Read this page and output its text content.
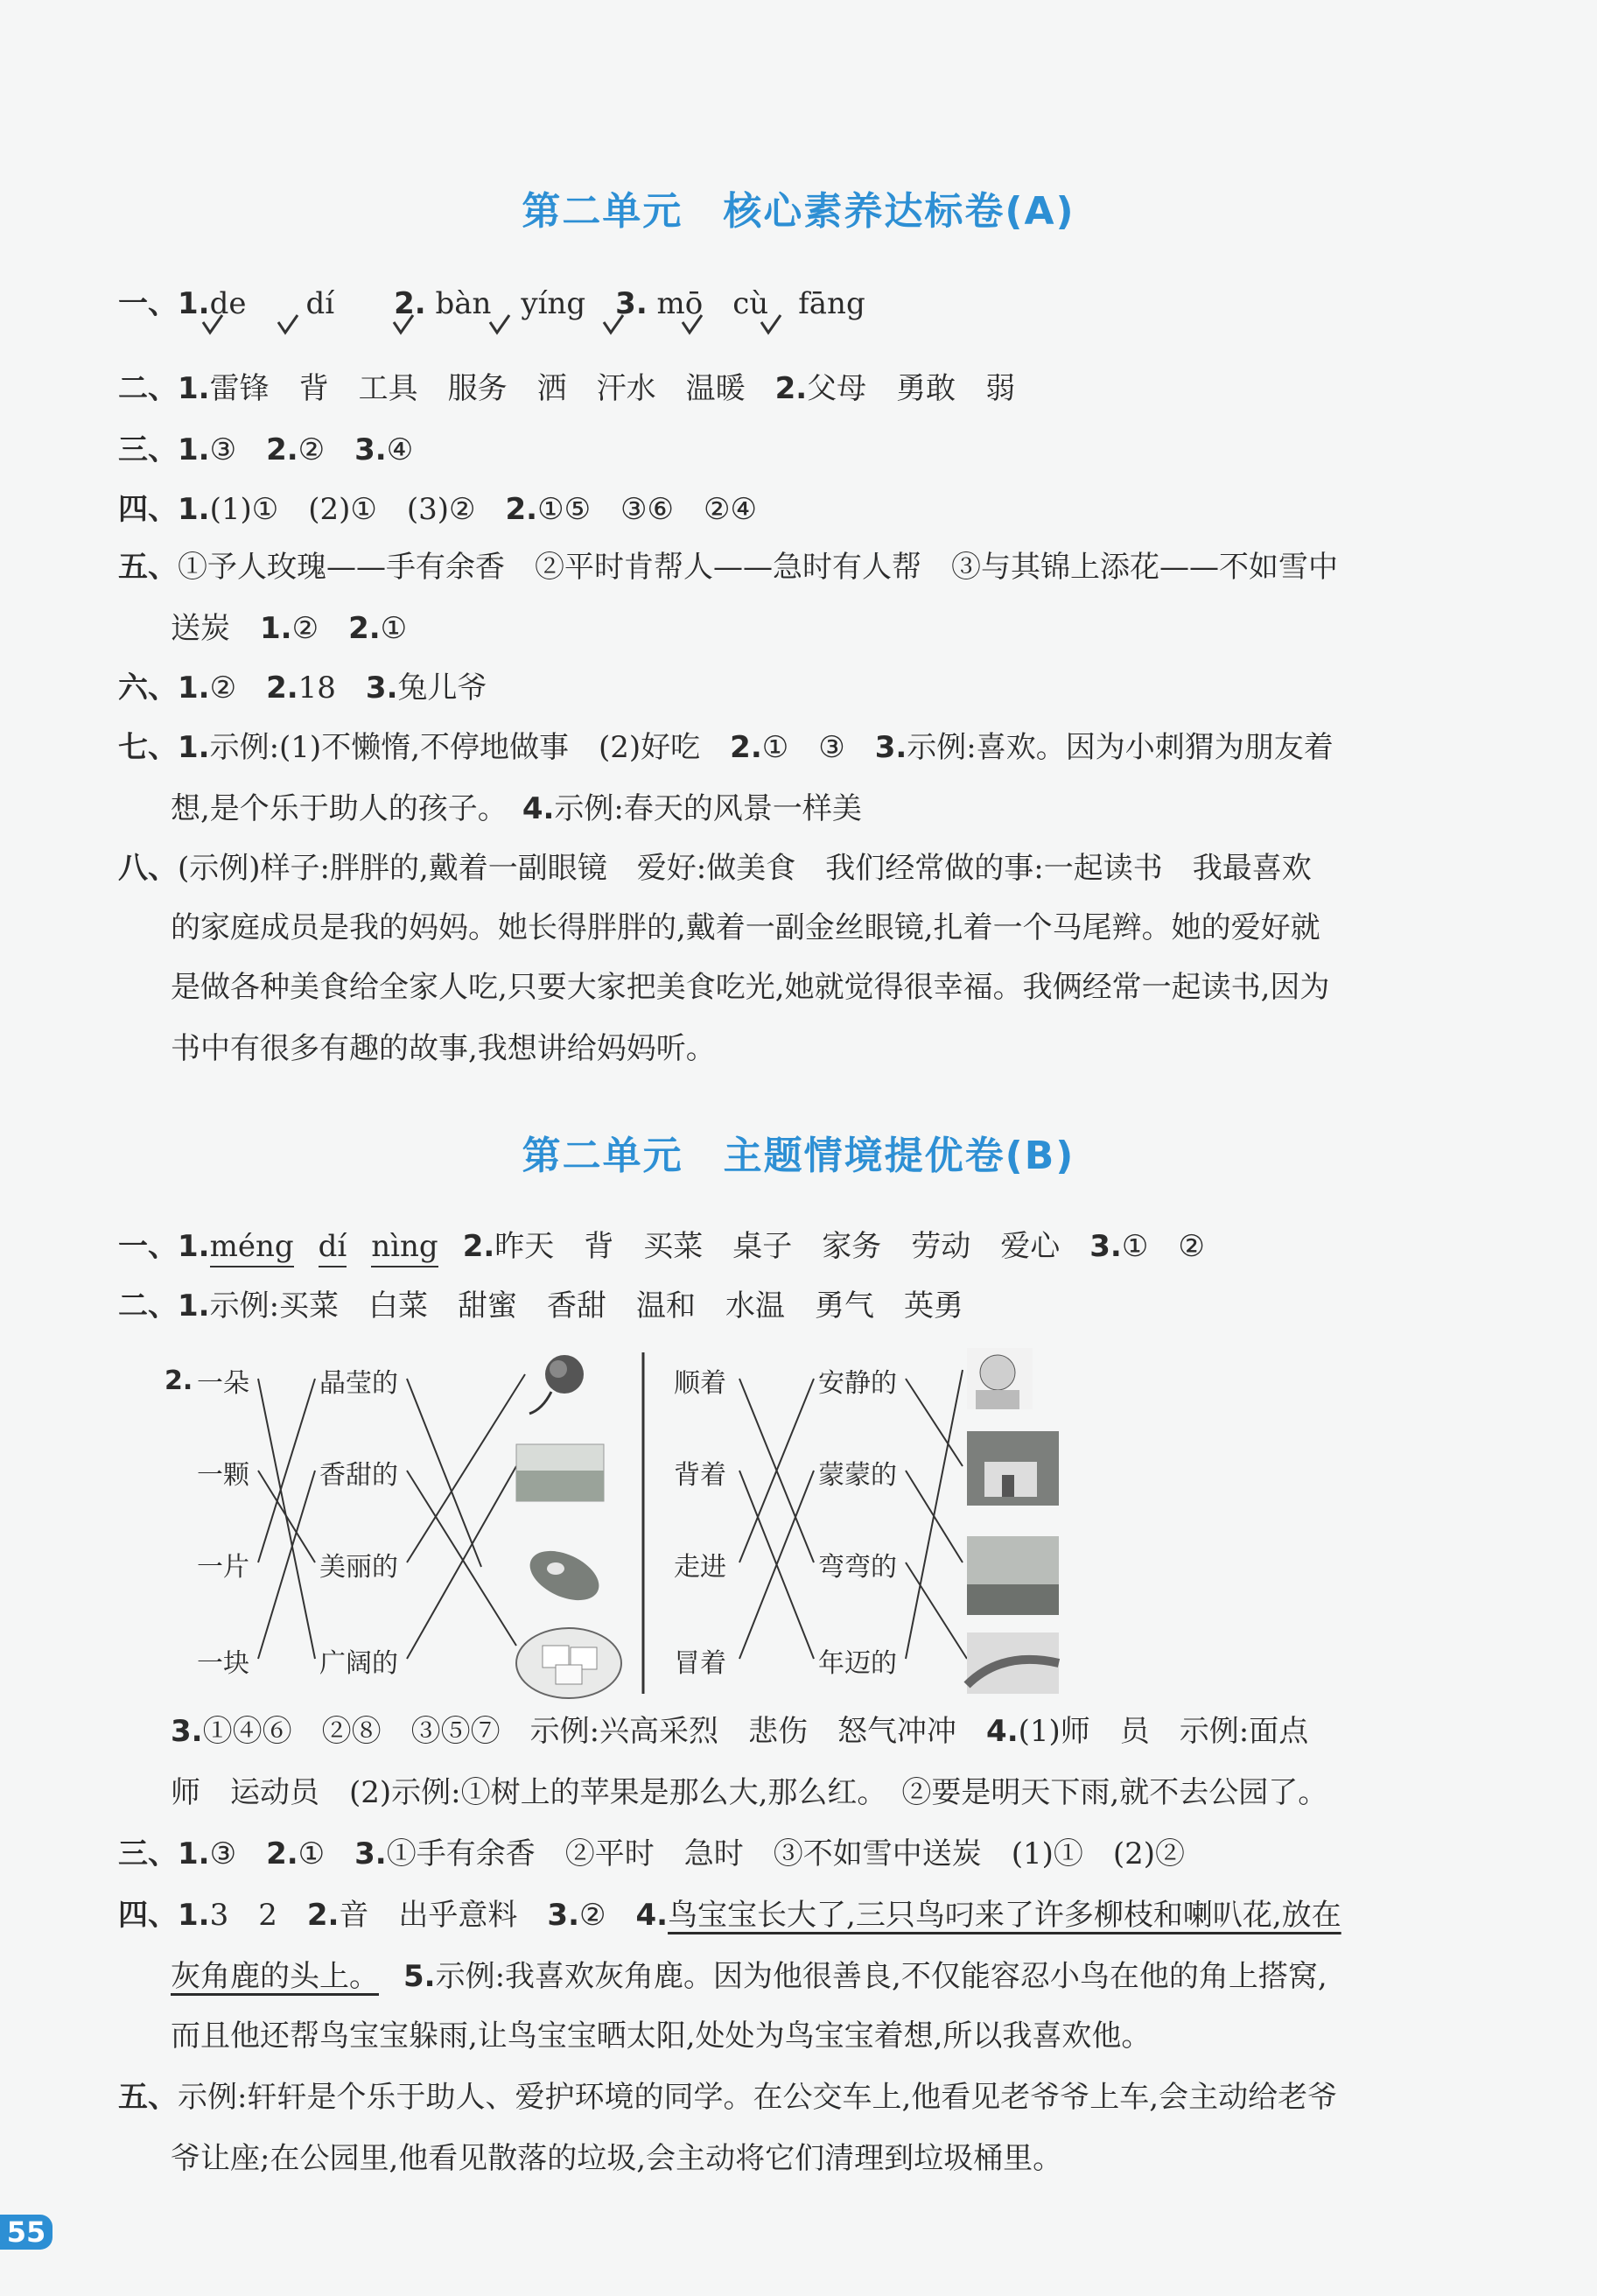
第二单元　核心素养达标卷(A)
一、1.de　　dí　　2. bàn　yíng　3. mō　cù　fāng
二、1.雷锋　背　工具　服务　洒　汗水　温暖　2.父母　勇敢　弱
三、1.③　2.②　3.④
四、1.(1)①　(2)①　(3)②　2.①⑤　③⑥　②④
五、①予人玫瑰——手有余香　②平时肯帮人——急时有人帮　③与其锦上添花——不如雪中
送炭　1.②　2.①
六、1.②　2.18　3.兔儿爷
七、1.示例:(1)不懒惰,不停地做事　(2)好吃　2.①　③　3.示例:喜欢。因为小刺猬为朋友着
想,是个乐于助人的孩子。　4.示例:春天的风景一样美
八、(示例)样子:胖胖的,戴着一副眼镜　爱好:做美食　我们经常做的事:一起读书　我最喜欢
的家庭成员是我的妈妈。她长得胖胖的,戴着一副金丝眼镜,扎着一个马尾辫。她的爱好就
是做各种美食给全家人吃,只要大家把美食吃光,她就觉得很幸福。我俩经常一起读书,因为
书中有很多有趣的故事,我想讲给妈妈听。
第二单元　主题情境提优卷(B)
一、1.méng dí nìng 2.昨天　背　买菜　桌子　家务　劳动　爱心　3.①　②
二、1.示例:买菜　白菜　甜蜜　香甜　温和　水温　勇气　英勇
2. 一朵
一颗
一片
一块
晶莹的
香甜的
美丽的
广阔的
顺着
背着
走进
冒着
安静的
蒙蒙的
弯弯的
年迈的
3.①④⑥　②⑧　③⑤⑦　示例:兴高采烈　悲伤　怒气冲冲　4.(1)师　员　示例:面点
师　运动员　(2)示例:①树上的苹果是那么大,那么红。　②要是明天下雨,就不去公园了。
三、1.③　2.①　3.①手有余香　②平时　急时　③不如雪中送炭　(1)①　(2)②
四、1.3　2　2.音　出乎意料　3.②　4.鸟宝宝长大了,三只鸟叼来了许多柳枝和喇叭花,放在
灰角鹿的头上。 5.示例:我喜欢灰角鹿。因为他很善良,不仅能容忍小鸟在他的角上搭窝,
而且他还帮鸟宝宝躲雨,让鸟宝宝晒太阳,处处为鸟宝宝着想,所以我喜欢他。
五、示例:轩轩是个乐于助人、爱护环境的同学。在公交车上,他看见老爷爷上车,会主动给老爷
爷让座;在公园里,他看见散落的垃圾,会主动将它们清理到垃圾桶里。
55
